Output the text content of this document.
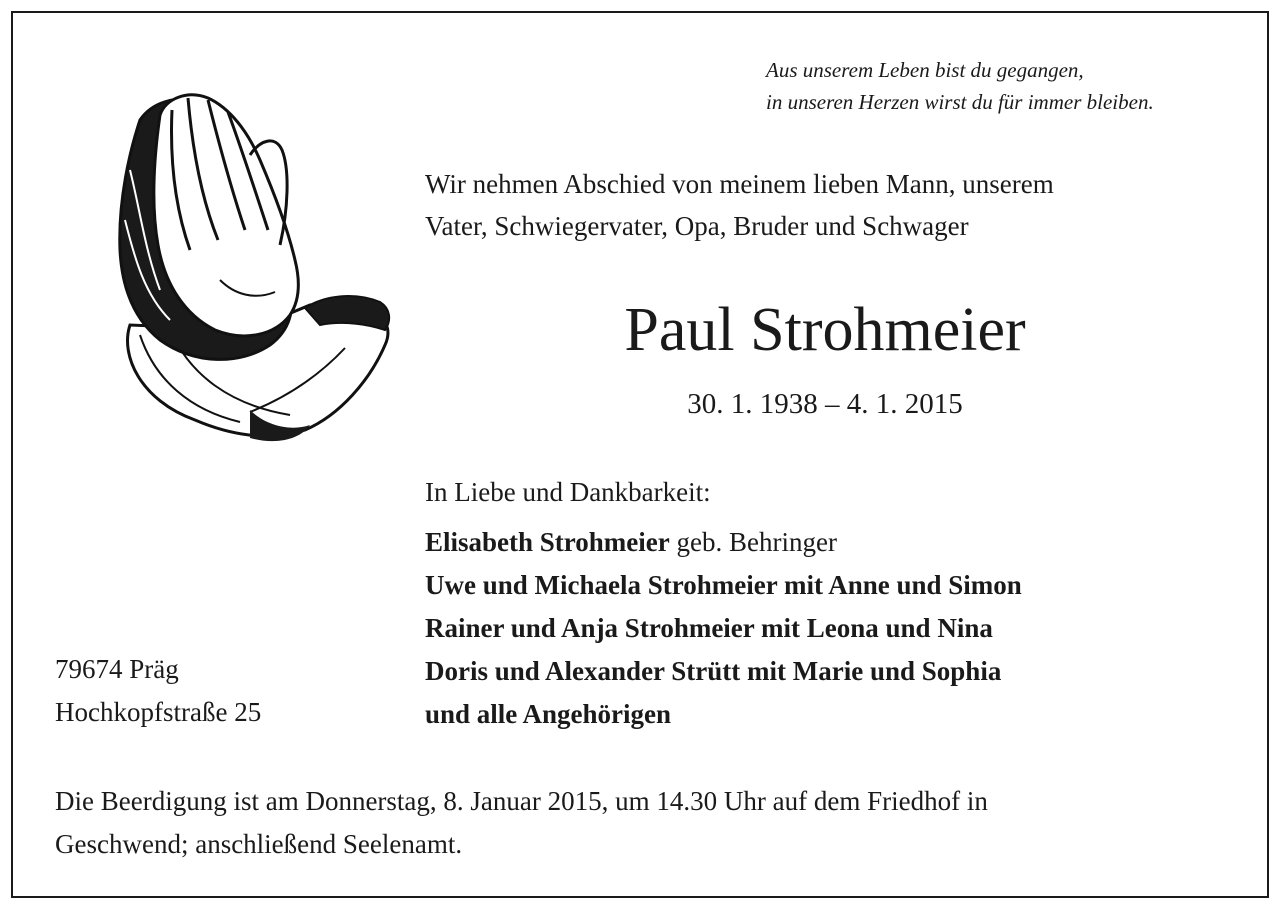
Aus unserem Leben bist du gegangen,
in unseren Herzen wirst du für immer bleiben.
Wir nehmen Abschied von meinem lieben Mann, unserem
Vater, Schwiegervater, Opa, Bruder und Schwager
Paul Strohmeier
30. 1. 1938 – 4. 1. 2015
In Liebe und Dankbarkeit:
Elisabeth Strohmeier geb. Behringer
Uwe und Michaela Strohmeier mit Anne und Simon
Rainer und Anja Strohmeier mit Leona und Nina
Doris und Alexander Strütt mit Marie und Sophia
und alle Angehörigen
79674 Präg
Hochkopfstraße 25
Die Beerdigung ist am Donnerstag, 8. Januar 2015, um 14.30 Uhr auf dem Friedhof in
Geschwend; anschließend Seelenamt.
